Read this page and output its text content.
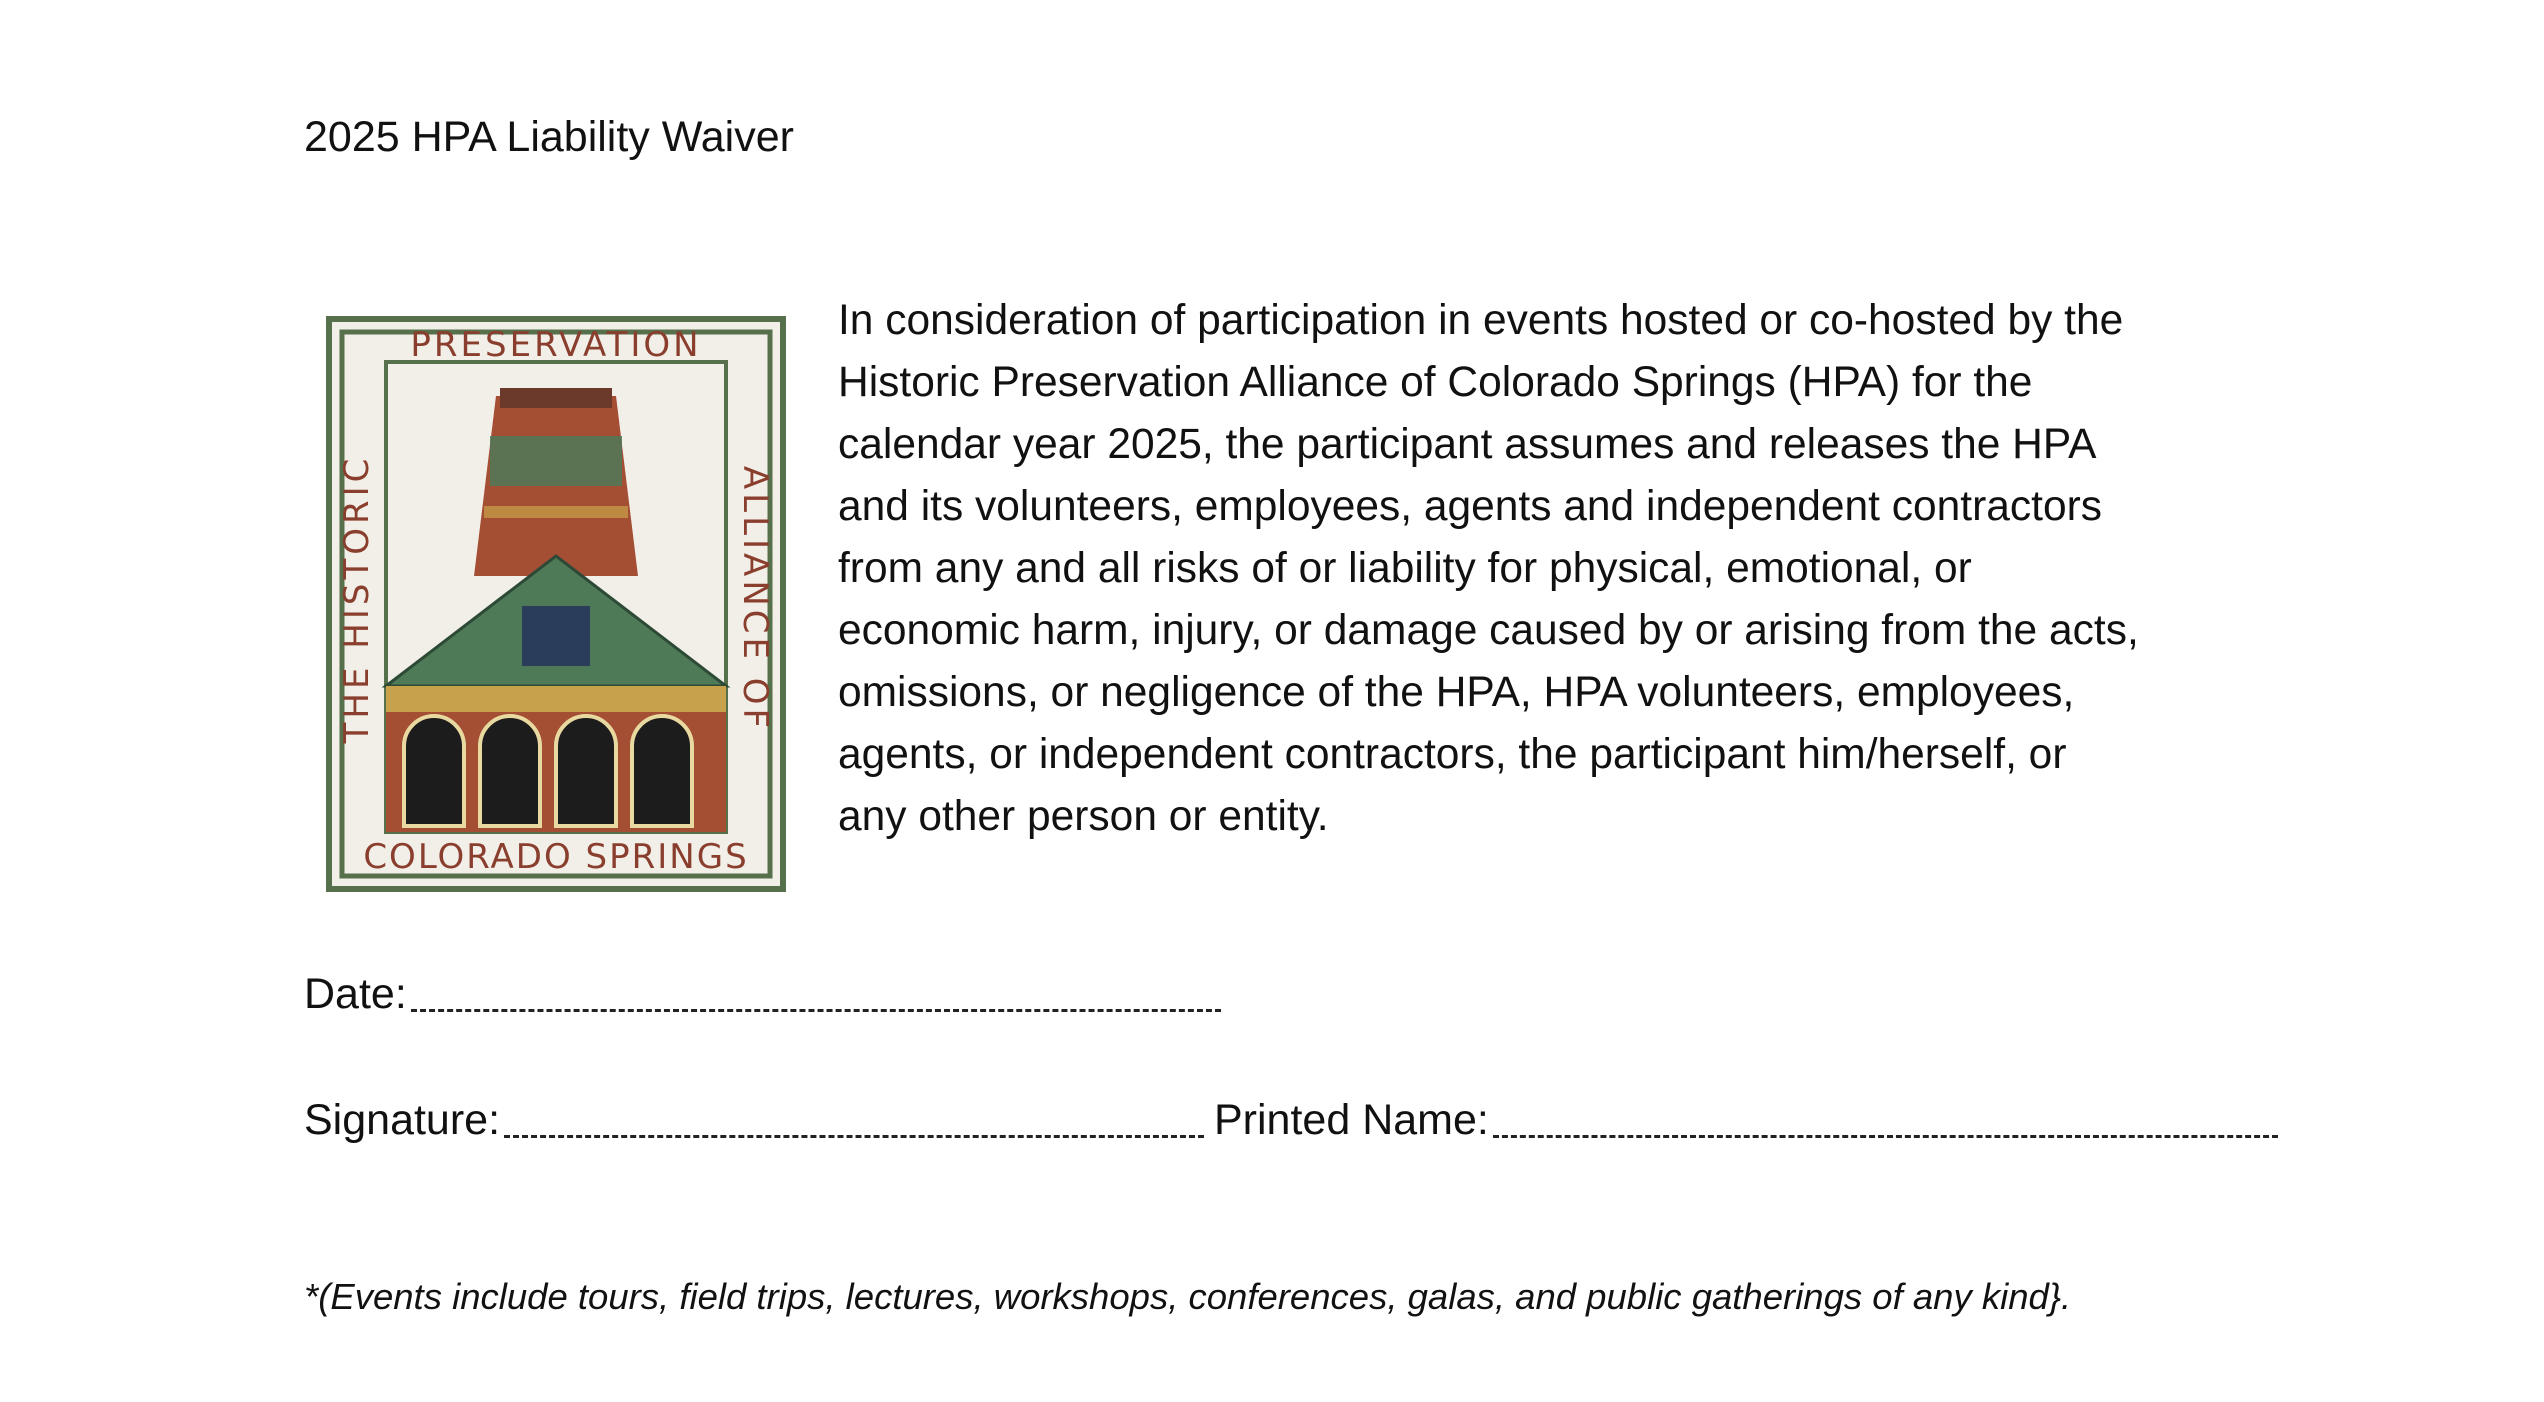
2025 HPA Liability Waiver
PRESERVATION
COLORADO SPRINGS
THE HISTORIC	ALLIANCE OF
In consideration of participation in events hosted or co-hosted by the
Historic Preservation Alliance of Colorado Springs (HPA) for the
calendar year 2025, the participant assumes and releases the HPA
and its volunteers, employees, agents and independent contractors
from any and all risks of or liability for physical, emotional, or
economic harm, injury, or damage caused by or arising from the acts,
omissions, or negligence of the HPA, HPA volunteers, employees,
agents, or independent contractors, the participant him/herself, or
any other person or entity.
Date:
Signature:	Printed Name:
*(Events include tours, field trips, lectures, workshops, conferences, galas, and public gatherings of any kind}.
